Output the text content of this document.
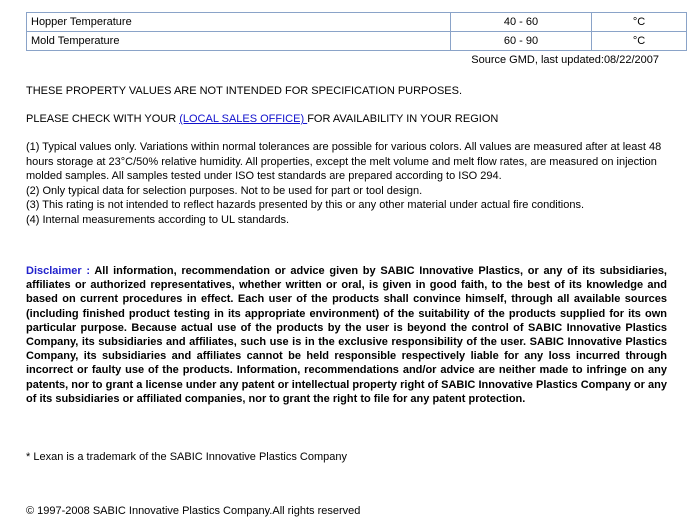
Hopper Temperature	40 - 60	°C
Mold Temperature	60 - 90	°C
Source GMD, last updated:08/22/2007

THESE PROPERTY VALUES ARE NOT INTENDED FOR SPECIFICATION PURPOSES.

PLEASE CHECK WITH YOUR (LOCAL SALES OFFICE) FOR AVAILABILITY IN YOUR REGION

(1) Typical values only. Variations within normal tolerances are possible for various colors. All values are measured after at least 48 hours storage at 23°C/50% relative humidity. All properties, except the melt volume and melt flow rates, are measured on injection molded samples. All samples tested under ISO test standards are prepared according to ISO 294.

(2) Only typical data for selection purposes. Not to be used for part or tool design.

(3) This rating is not intended to reflect hazards presented by this or any other material under actual fire conditions.

(4) Internal measurements according to UL standards.

Disclaimer : All information, recommendation or advice given by SABIC Innovative Plastics, or any of its subsidiaries, affiliates or authorized representatives, whether written or oral, is given in good faith, to the best of its knowledge and based on current procedures in effect. Each user of the products shall convince himself, through all available sources (including finished product testing in its appropriate environment) of the suitability of the products supplied for its own particular purpose. Because actual use of the products by the user is beyond the control of SABIC Innovative Plastics Company, its subsidiaries and affiliates, such use is in the exclusive responsibility of the user. SABIC Innovative Plastics Company, its subsidiaries and affiliates cannot be held responsible respectively liable for any loss incurred through incorrect or faulty use of the products. Information, recommendations and/or advice are neither made to infringe on any patents, nor to grant a license under any patent or intellectual property right of SABIC Innovative Plastics Company or any of its subsidiaries or affiliated companies, nor to grant the right to file for any patent protection.

* Lexan is a trademark of the SABIC Innovative Plastics Company

© 1997-2008 SABIC Innovative Plastics Company.All rights reserved
